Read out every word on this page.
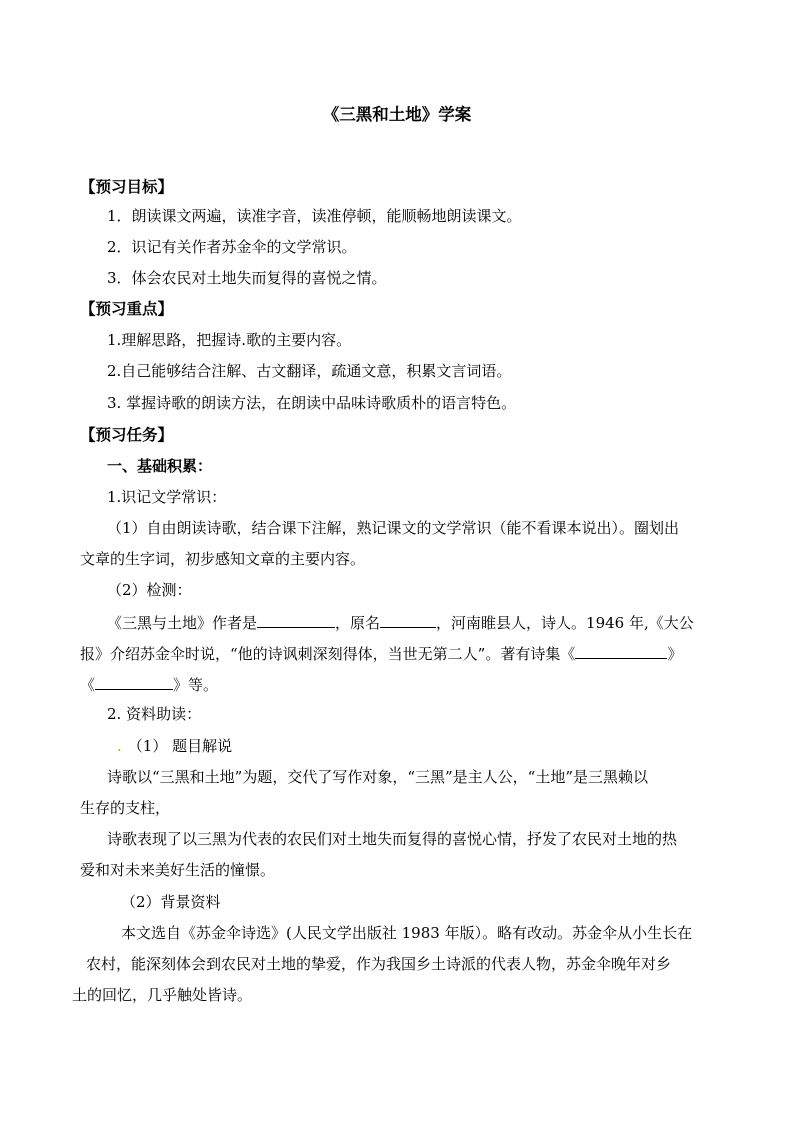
《三黑和土地》学案
【预习目标】
1．朗读课文两遍，读准字音，读准停顿，能顺畅地朗读课文。
2．识记有关作者苏金伞的文学常识。
3．体会农民对土地失而复得的喜悦之情。
【预习重点】
1.理解思路，把握诗.歌的主要内容。
2.自己能够结合注解、古文翻译，疏通文意，积累文言词语。
3. 掌握诗歌的朗读方法，在朗读中品味诗歌质朴的语言特色。
【预习任务】
一、基础积累：
1.识记文学常识：
（1）自由朗读诗歌，结合课下注解，熟记课文的文学常识（能不看课本说出）。圈划出
文章的生字词，初步感知文章的主要内容。
（2）检测：
《三黑与土地》作者是	，原名	，河南睢县人，诗人。1946 年,《大公
报》介绍苏金伞时说，“他的诗讽刺深刻得体，当世无第二人”。著有诗集《	》
《	》等。
2. 资料助读：
. （1） 题目解说
诗歌以“三黑和土地”为题，交代了写作对象，“三黑”是主人公，“土地”是三黑赖以
生存的支柱，
诗歌表现了以三黑为代表的农民们对土地失而复得的喜悦心情，抒发了农民对土地的热
爱和对未来美好生活的憧憬。
（2）背景资料
本文选自《苏金伞诗选》(人民文学出版社 1983 年版）。略有改动。苏金伞从小生长在
农村，能深刻体会到农民对土地的挚爱，作为我国乡土诗派的代表人物，苏金伞晚年对乡
土的回忆，几乎触处皆诗。
